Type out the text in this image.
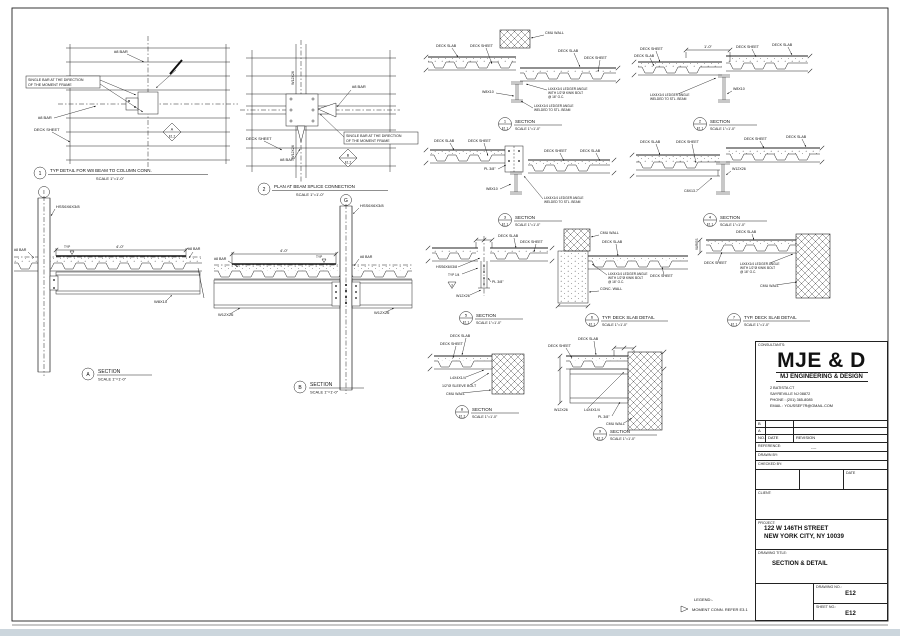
SINGLE BAR AT THE DIRECTION
OF THE MOMENT FRAME
#8 BAR
#8 BAR
DECK SHEET	A
E1.2
1
TYP DETAIL FOR W8 BEAM TO COLUMN CONN.
SCALE 1"=1'-0"
W12X26
W12X26
#8 BAR
SINGLE BAR AT THE DIRECTION
OF THE MOMENT FRAME
DECK SHEET
#8 BAR
B
E1.2
2
PLAN AT BEAM SPLICE CONNECTION
SCALE 1"=1'-0"
I
HSS6X6X3/8
4'-0"
#8 BAR	#8 BAR
TYP
W8X10
A SECTION
SCALE 1"=1'-0"
G
HSS6X6X3/8
4'-0"
#8 BAR	#8 BAR
TYP
W12X26	W12X26
B SECTION
SCALE 1"=1'-0"
CMU WALL
W8X10
DECK SLAB	DECK SHEET
DECK SLAB
DECK SHEET
L4X4X1/4 LEDGER ANGLE
WITH 1/2"Ø KWIK BOLT
@ 16" O.C.
L4X4X1/4 LEDGER ANGLE
WELDED TO STL. BEAM
1
E1.1
SECTION
SCALE 1"=1'-0"
1'-0"
W8X10
DECK SHEET
DECK SLAB
DECK SHEET	DECK SLAB
L4X4X1/4 LEDGER ANGLE
WELDED TO STL. BEAM
2
E1.1
SECTION
SCALE 1"=1'-0"
DECK SLAB	DECK SHEET
DECK SHEET	DECK SLAB
PL 3/8"
W8X10
L4X4X1/4 LEDGER ANGLE
WELDED TO STL. BEAM
3
E1.1
SECTION
SCALE 1"=1'-0"
W12X26
C8X13.7
DECK SLAB	DECK SHEET
DECK SHEET	DECK SLAB
4
E1.1
SECTION
SCALE 1"=1'-0"
DECK SLAB
DECK SHEET
HSS6X6X3/8
TYP 1/4
3
PL 3/8"
W12X26
5
E1.1
SECTION
SCALE 1"=1'-0"
CMU WALL
CONC. WALL
DECK SLAB
L4X4X1/4 LEDGER ANGLE
WITH 1/2"Ø KWIK BOLT
@ 16" O.C.
DECK SHEET
6
E1.1
TYP. DECK SLAB DETAIL
SCALE 1"=1'-0"
DECK SLAB
DECK SHEET	L4X4X1/4 LEDGER ANGLE
WITH 1/2"Ø KWIK BOLT
@ 16" O.C.
CMU WALL
VARIES
7
E1.1
TYP. DECK SLAB DETAIL
SCALE 1"=1'-0"
DECK SLAB
DECK SHEET
L4X4X1/4
1/2"Ø SLEEVE BOLT
CMU WALL
8
E1.2
SECTION
SCALE 1"=1'-0"
DECK SLAB
DECK SHEET
W12X26	L4X4X1/4
PL 3/8"
CMU WALL
9
E1.2
SECTION
SCALE 1"=1'-0"
LEGEND:-
MOMENT CONN. REFER E3.1
CONSULTANTS:
MJE & D
MJ ENGINEERING & DESIGN
2 BATISTA CT
SAYREVILLE NJ 08872
PHONE : (201) 365-8085
EMAIL : YOUSSEF7R@GMAIL.COM
B
A
NO. DATE	REVISION
REFERENCE:	----
DRAWN BY:
CHECKED BY:
DATE
CLIENT:
PROJECT:
122 W 146TH STREET
NEW YORK CITY, NY 10039
DRAWING TITLE:
SECTION & DETAIL
DRAWING NO.:
E12
SHEET NO.:
E12
